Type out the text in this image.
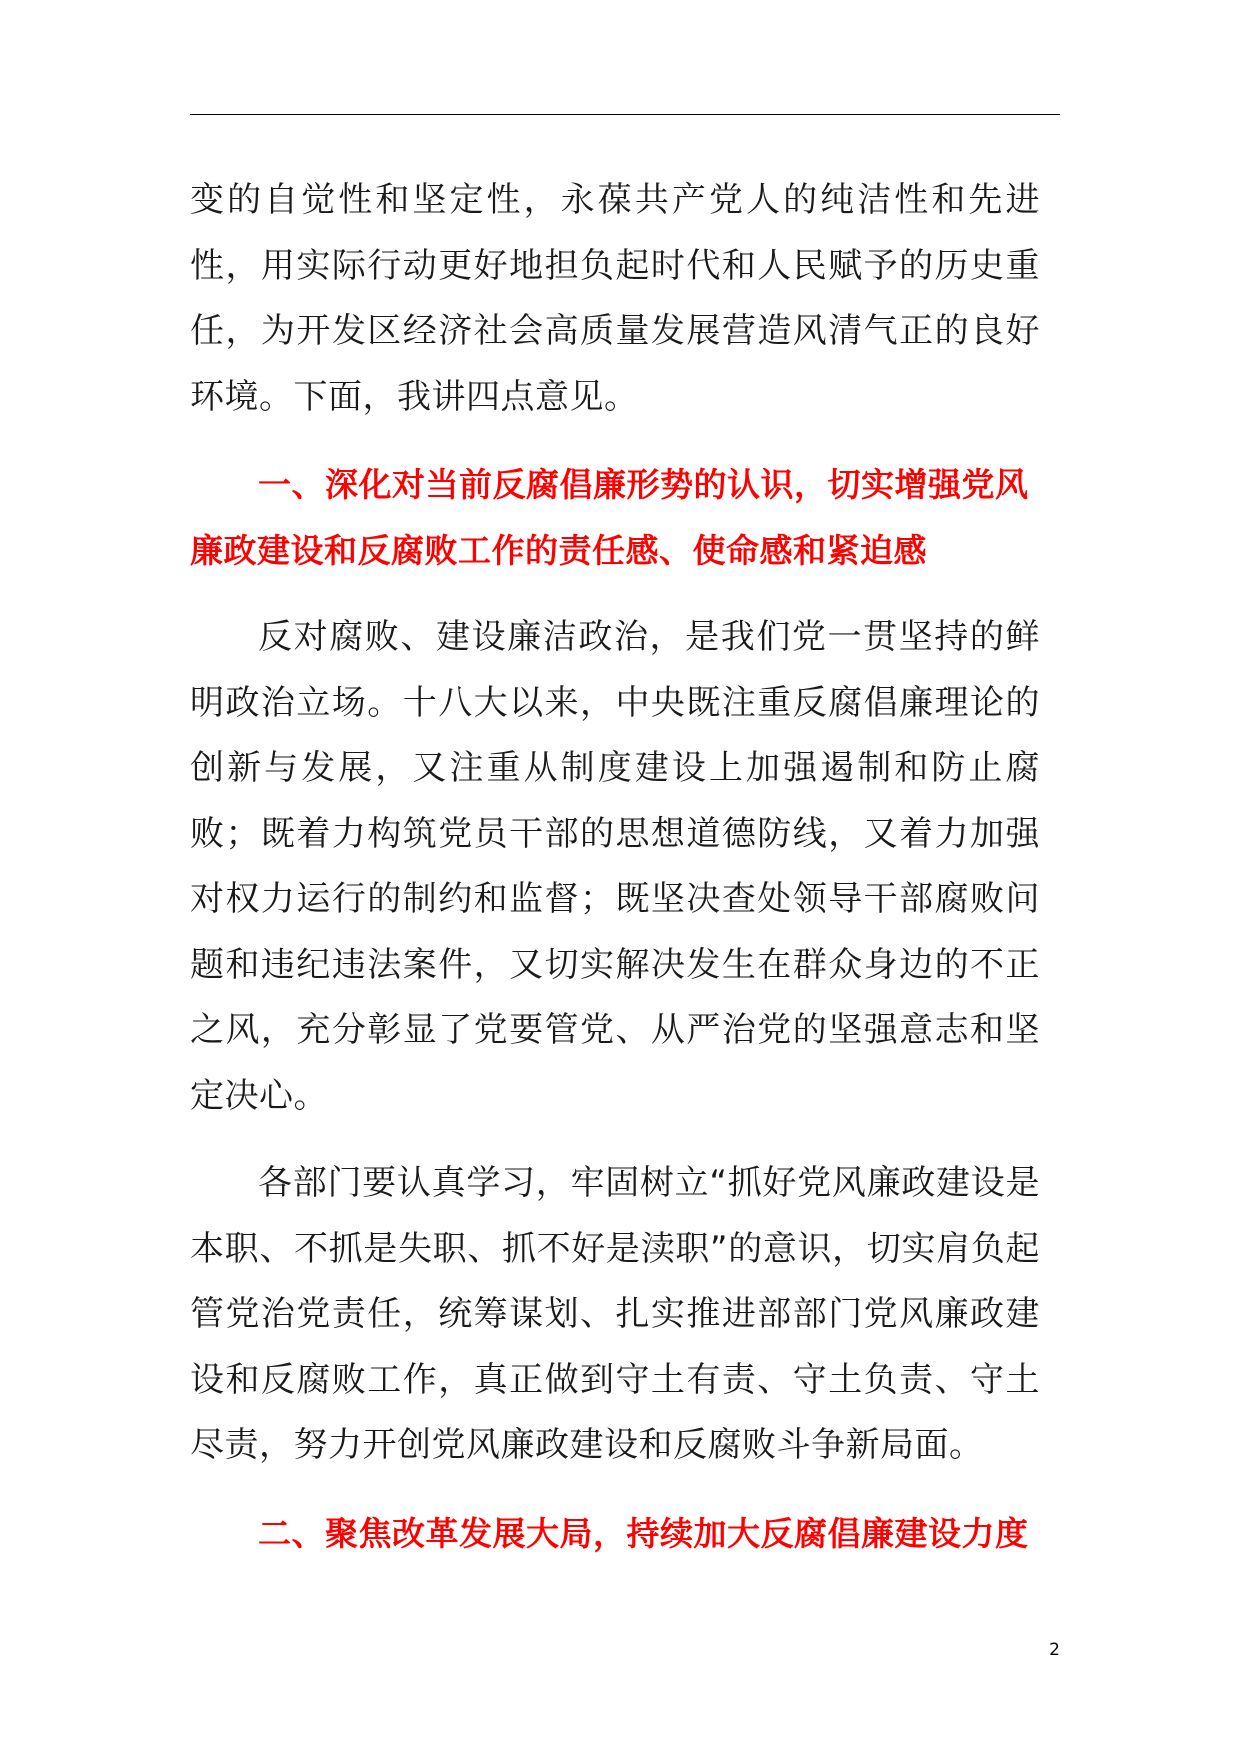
变的自觉性和坚定性，永葆共产党人的纯洁性和先进性，用实际行动更好地担负起时代和人民赋予的历史重任，为开发区经济社会高质量发展营造风清气正的良好环境。下面，我讲四点意见。

一、深化对当前反腐倡廉形势的认识，切实增强党风廉政建设和反腐败工作的责任感、使命感和紧迫感

反对腐败、建设廉洁政治，是我们党一贯坚持的鲜明政治立场。十八大以来，中央既注重反腐倡廉理论的创新与发展，又注重从制度建设上加强遏制和防止腐败；既着力构筑党员干部的思想道德防线，又着力加强对权力运行的制约和监督；既坚决查处领导干部腐败问题和违纪违法案件，又切实解决发生在群众身边的不正之风，充分彰显了党要管党、从严治党的坚强意志和坚定决心。

各部门要认真学习，牢固树立“抓好党风廉政建设是本职、不抓是失职、抓不好是渎职”的意识，切实肩负起管党治党责任，统筹谋划、扎实推进部部门党风廉政建设和反腐败工作，真正做到守土有责、守土负责、守土尽责，努力开创党风廉政建设和反腐败斗争新局面。

二、聚焦改革发展大局，持续加大反腐倡廉建设力度

2
